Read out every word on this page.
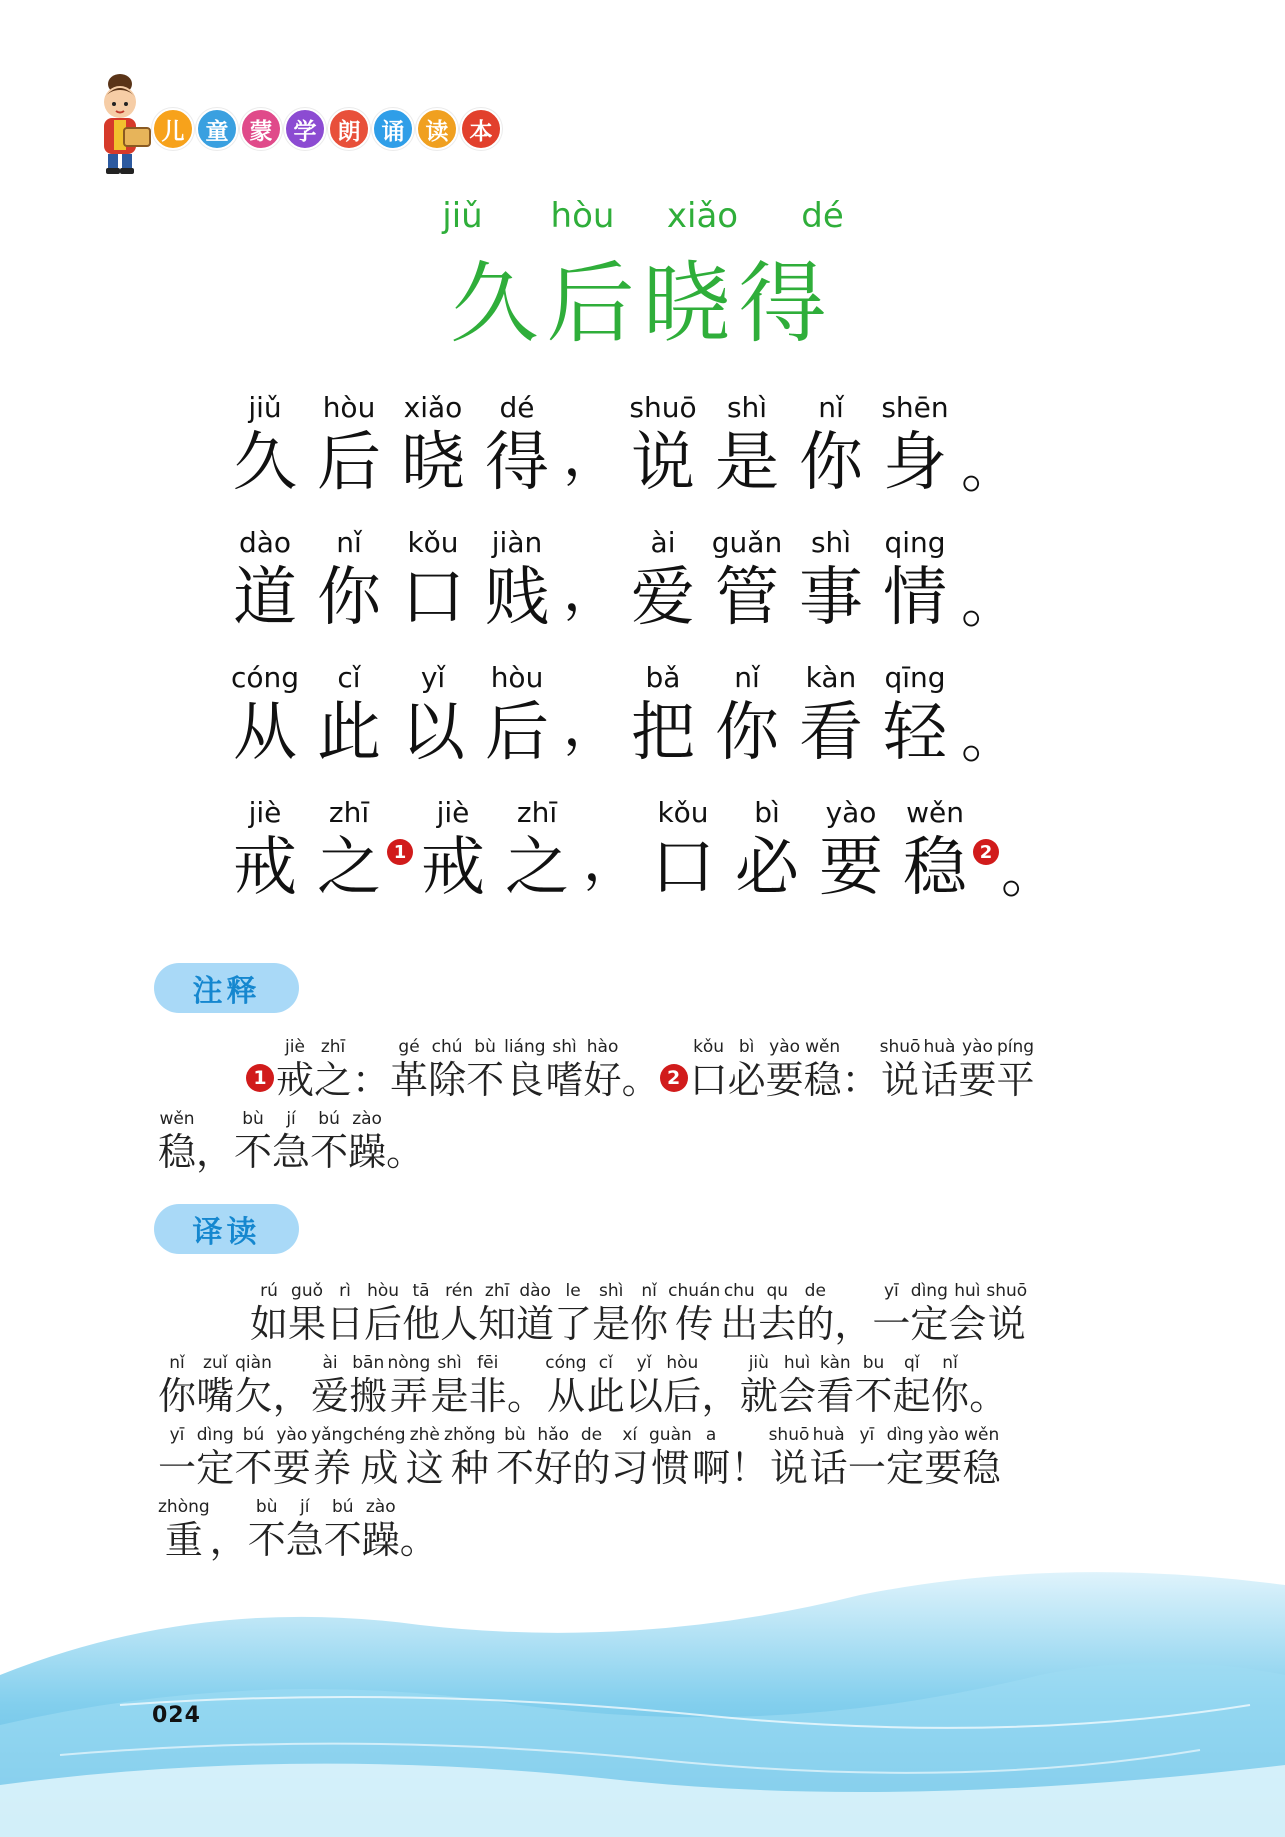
儿 童 蒙 学 朗 诵 读 本
jiǔ	hòu	xiǎo	dé
久后晓得
jiǔ
久
hòu
后
xiǎo
晓
dé
得 ，
shuō
说
shì
是
nǐ
你
shēn
身 。
dào
道
nǐ
你
kǒu
口
jiàn
贱 ，
ài
爱
guǎn
管
shì
事
qing
情 。
cóng
从
cǐ
此
yǐ
以
hòu
后 ，
bǎ
把
nǐ
你
kàn
看
qīng
轻 。
jiè
戒
zhī
之 1
jiè
戒
zhī
之 ，
kǒu
口
bì
必
yào
要
wěn
稳 2 。
注释
1
jiè
戒
zhī
之 ：
gé
革
chú
除
bù
不
liáng
良
shì
嗜
hào
好 。 2
kǒu
口
bì
必
yào
要
wěn
稳 ：
shuō
说
huà
话
yào
要
píng
平
wěn
稳 ，
bù
不
jí
急
bú
不
zào
躁 。
译读
rú
如
guǒ
果
rì
日
hòu
后
tā
他
rén
人
zhī
知
dào
道
le
了
shì
是
nǐ
你
chuán
传
chu
出
qu
去
de
的 ，
yī
一
dìng
定
huì
会
shuō
说
nǐ
你
zuǐ
嘴
qiàn
欠 ，
ài
爱
bān
搬
nòng
弄
shì
是
fēi
非 。
cóng
从
cǐ
此
yǐ
以
hòu
后 ，
jiù
就
huì
会
kàn
看
bu
不
qǐ
起
nǐ
你 。
yī
一
dìng
定
bú
不
yào
要
yǎng
养
chéng
成
zhè
这
zhǒng
种
bù
不
hǎo
好
de
的
xí
习
guàn
惯
a
啊 ！
shuō
说
huà
话
yī
一
dìng
定
yào
要
wěn
稳
zhòng
重 ，
bù
不
jí
急
bú
不
zào
躁 。
024
